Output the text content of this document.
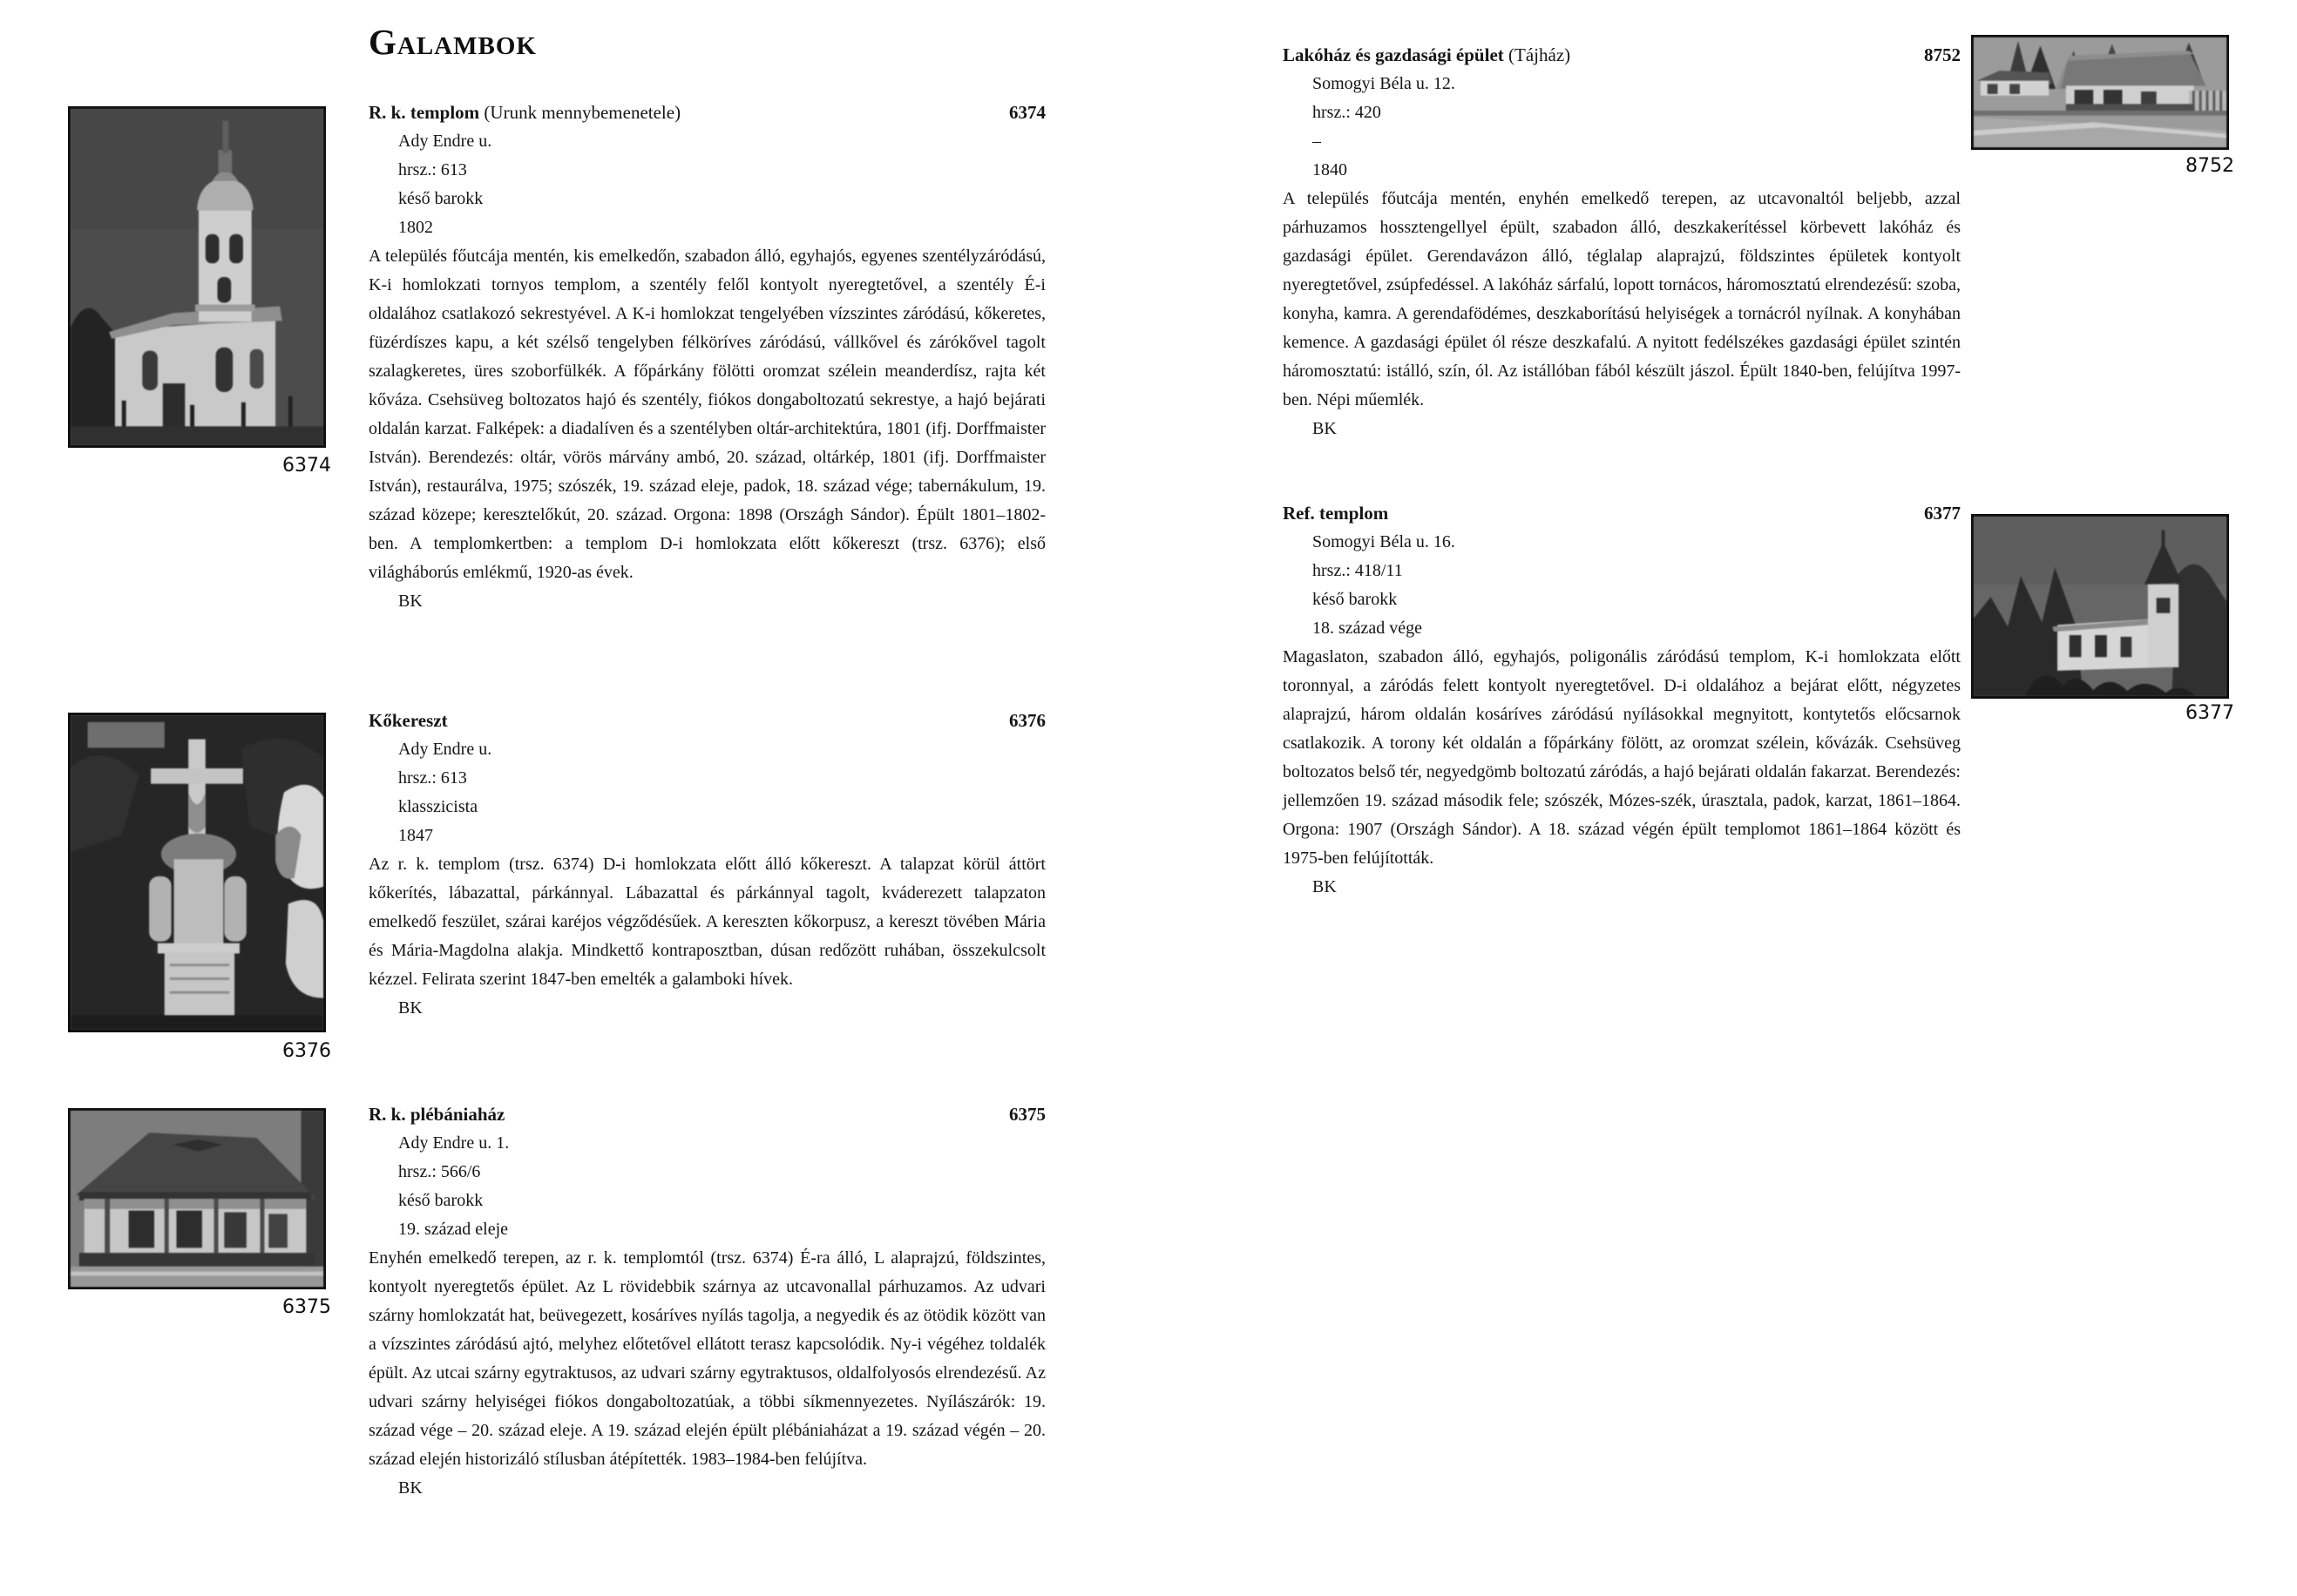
6374
6376
6375
8752
6377
Galambok
R. k. templom (Urunk mennybemenetele)	6374
Ady Endre u.
hrsz.: 613
késő barokk
1802

A település főutcája mentén, kis emelkedőn, szabadon álló, egyhajós, egyenes szentélyzáródású, K-i homlokzati tornyos templom, a szentély felől kontyolt nyeregtetővel, a szentély É-i oldalához csatlakozó sekrestyével. A K-i homlokzat tengelyében vízszintes záródású, kőkeretes, füzérdíszes kapu, a két szélső tengelyben félköríves záródású, vállkővel és zárókővel tagolt szalagkeretes, üres szoborfülkék. A főpárkány fölötti oromzat szélein meanderdísz, rajta két kőváza. Csehsüveg boltozatos hajó és szentély, fiókos dongaboltozatú sekrestye, a hajó bejárati oldalán karzat. Falképek: a diadalíven és a szentélyben oltár-architektúra, 1801 (ifj. Dorffmaister István). Berendezés: oltár, vörös márvány ambó, 20. század, oltárkép, 1801 (ifj. Dorffmaister István), restaurálva, 1975; szószék, 19. század eleje, padok, 18. század vége; tabernákulum, 19. század közepe; keresztelőkút, 20. század. Orgona: 1898 (Országh Sándor). Épült 1801–1802-ben. A templomkertben: a templom D-i homlokzata előtt kőkereszt (trsz. 6376); első világháborús emlékmű, 1920-as évek.

BK
Kőkereszt	6376
Ady Endre u.
hrsz.: 613
klasszicista
1847

Az r. k. templom (trsz. 6374) D-i homlokzata előtt álló kőkereszt. A talapzat körül áttört kőkerítés, lábazattal, párkánnyal. Lábazattal és párkánnyal tagolt, kváderezett talapzaton emelkedő feszület, szárai karéjos végződésűek. A kereszten kőkorpusz, a kereszt tövében Mária és Mária-Magdolna alakja. Mindkettő kontraposztban, dúsan redőzött ruhában, összekulcsolt kézzel. Felirata szerint 1847-ben emelték a galamboki hívek.

BK
R. k. plébániaház	6375
Ady Endre u. 1.
hrsz.: 566/6
késő barokk
19. század eleje

Enyhén emelkedő terepen, az r. k. templomtól (trsz. 6374) É-ra álló, L alaprajzú, földszintes, kontyolt nyeregtetős épület. Az L rövidebbik szárnya az utcavonallal párhuzamos. Az udvari szárny homlokzatát hat, beüvegezett, kosáríves nyílás tagolja, a negyedik és az ötödik között van a vízszintes záródású ajtó, melyhez előtetővel ellátott terasz kapcsolódik. Ny-i végéhez toldalék épült. Az utcai szárny egytraktusos, az udvari szárny egytraktusos, oldalfolyosós elrendezésű. Az udvari szárny helyiségei fiókos dongaboltozatúak, a többi síkmennyezetes. Nyílászárók: 19. század vége – 20. század eleje. A 19. század elején épült plébániaházat a 19. század végén – 20. század elején historizáló stílusban átépítették. 1983–1984-ben felújítva.

BK
Lakóház és gazdasági épület (Tájház)	8752
Somogyi Béla u. 12.
hrsz.: 420
–
1840

A település főutcája mentén, enyhén emelkedő terepen, az utcavonaltól beljebb, azzal párhuzamos hossztengellyel épült, szabadon álló, deszkakerítéssel körbevett lakóház és gazdasági épület. Gerendavázon álló, téglalap alaprajzú, földszintes épületek kontyolt nyeregtetővel, zsúpfedéssel. A lakóház sárfalú, lopott tornácos, háromosztatú elrendezésű: szoba, konyha, kamra. A gerendafödémes, deszkaborítású helyiségek a tornácról nyílnak. A konyhában kemence. A gazdasági épület ól része deszkafalú. A nyitott fedélszékes gazdasági épület szintén háromosztatú: istálló, szín, ól. Az istállóban fából készült jászol. Épült 1840-ben, felújítva 1997-ben. Népi műemlék.

BK
Ref. templom	6377
Somogyi Béla u. 16.
hrsz.: 418/11
késő barokk
18. század vége

Magaslaton, szabadon álló, egyhajós, poligonális záródású templom, K-i homlokzata előtt toronnyal, a záródás felett kontyolt nyeregtetővel. D-i oldalához a bejárat előtt, négyzetes alaprajzú, három oldalán kosáríves záródású nyílásokkal megnyitott, kontytetős előcsarnok csatlakozik. A torony két oldalán a főpárkány fölött, az oromzat szélein, kővázák. Csehsüveg boltozatos belső tér, negyedgömb boltozatú záródás, a hajó bejárati oldalán fakarzat. Berendezés: jellemzően 19. század második fele; szószék, Mózes-szék, úrasztala, padok, karzat, 1861–1864. Orgona: 1907 (Országh Sándor). A 18. század végén épült templomot 1861–1864 között és 1975-ben felújították.

BK
